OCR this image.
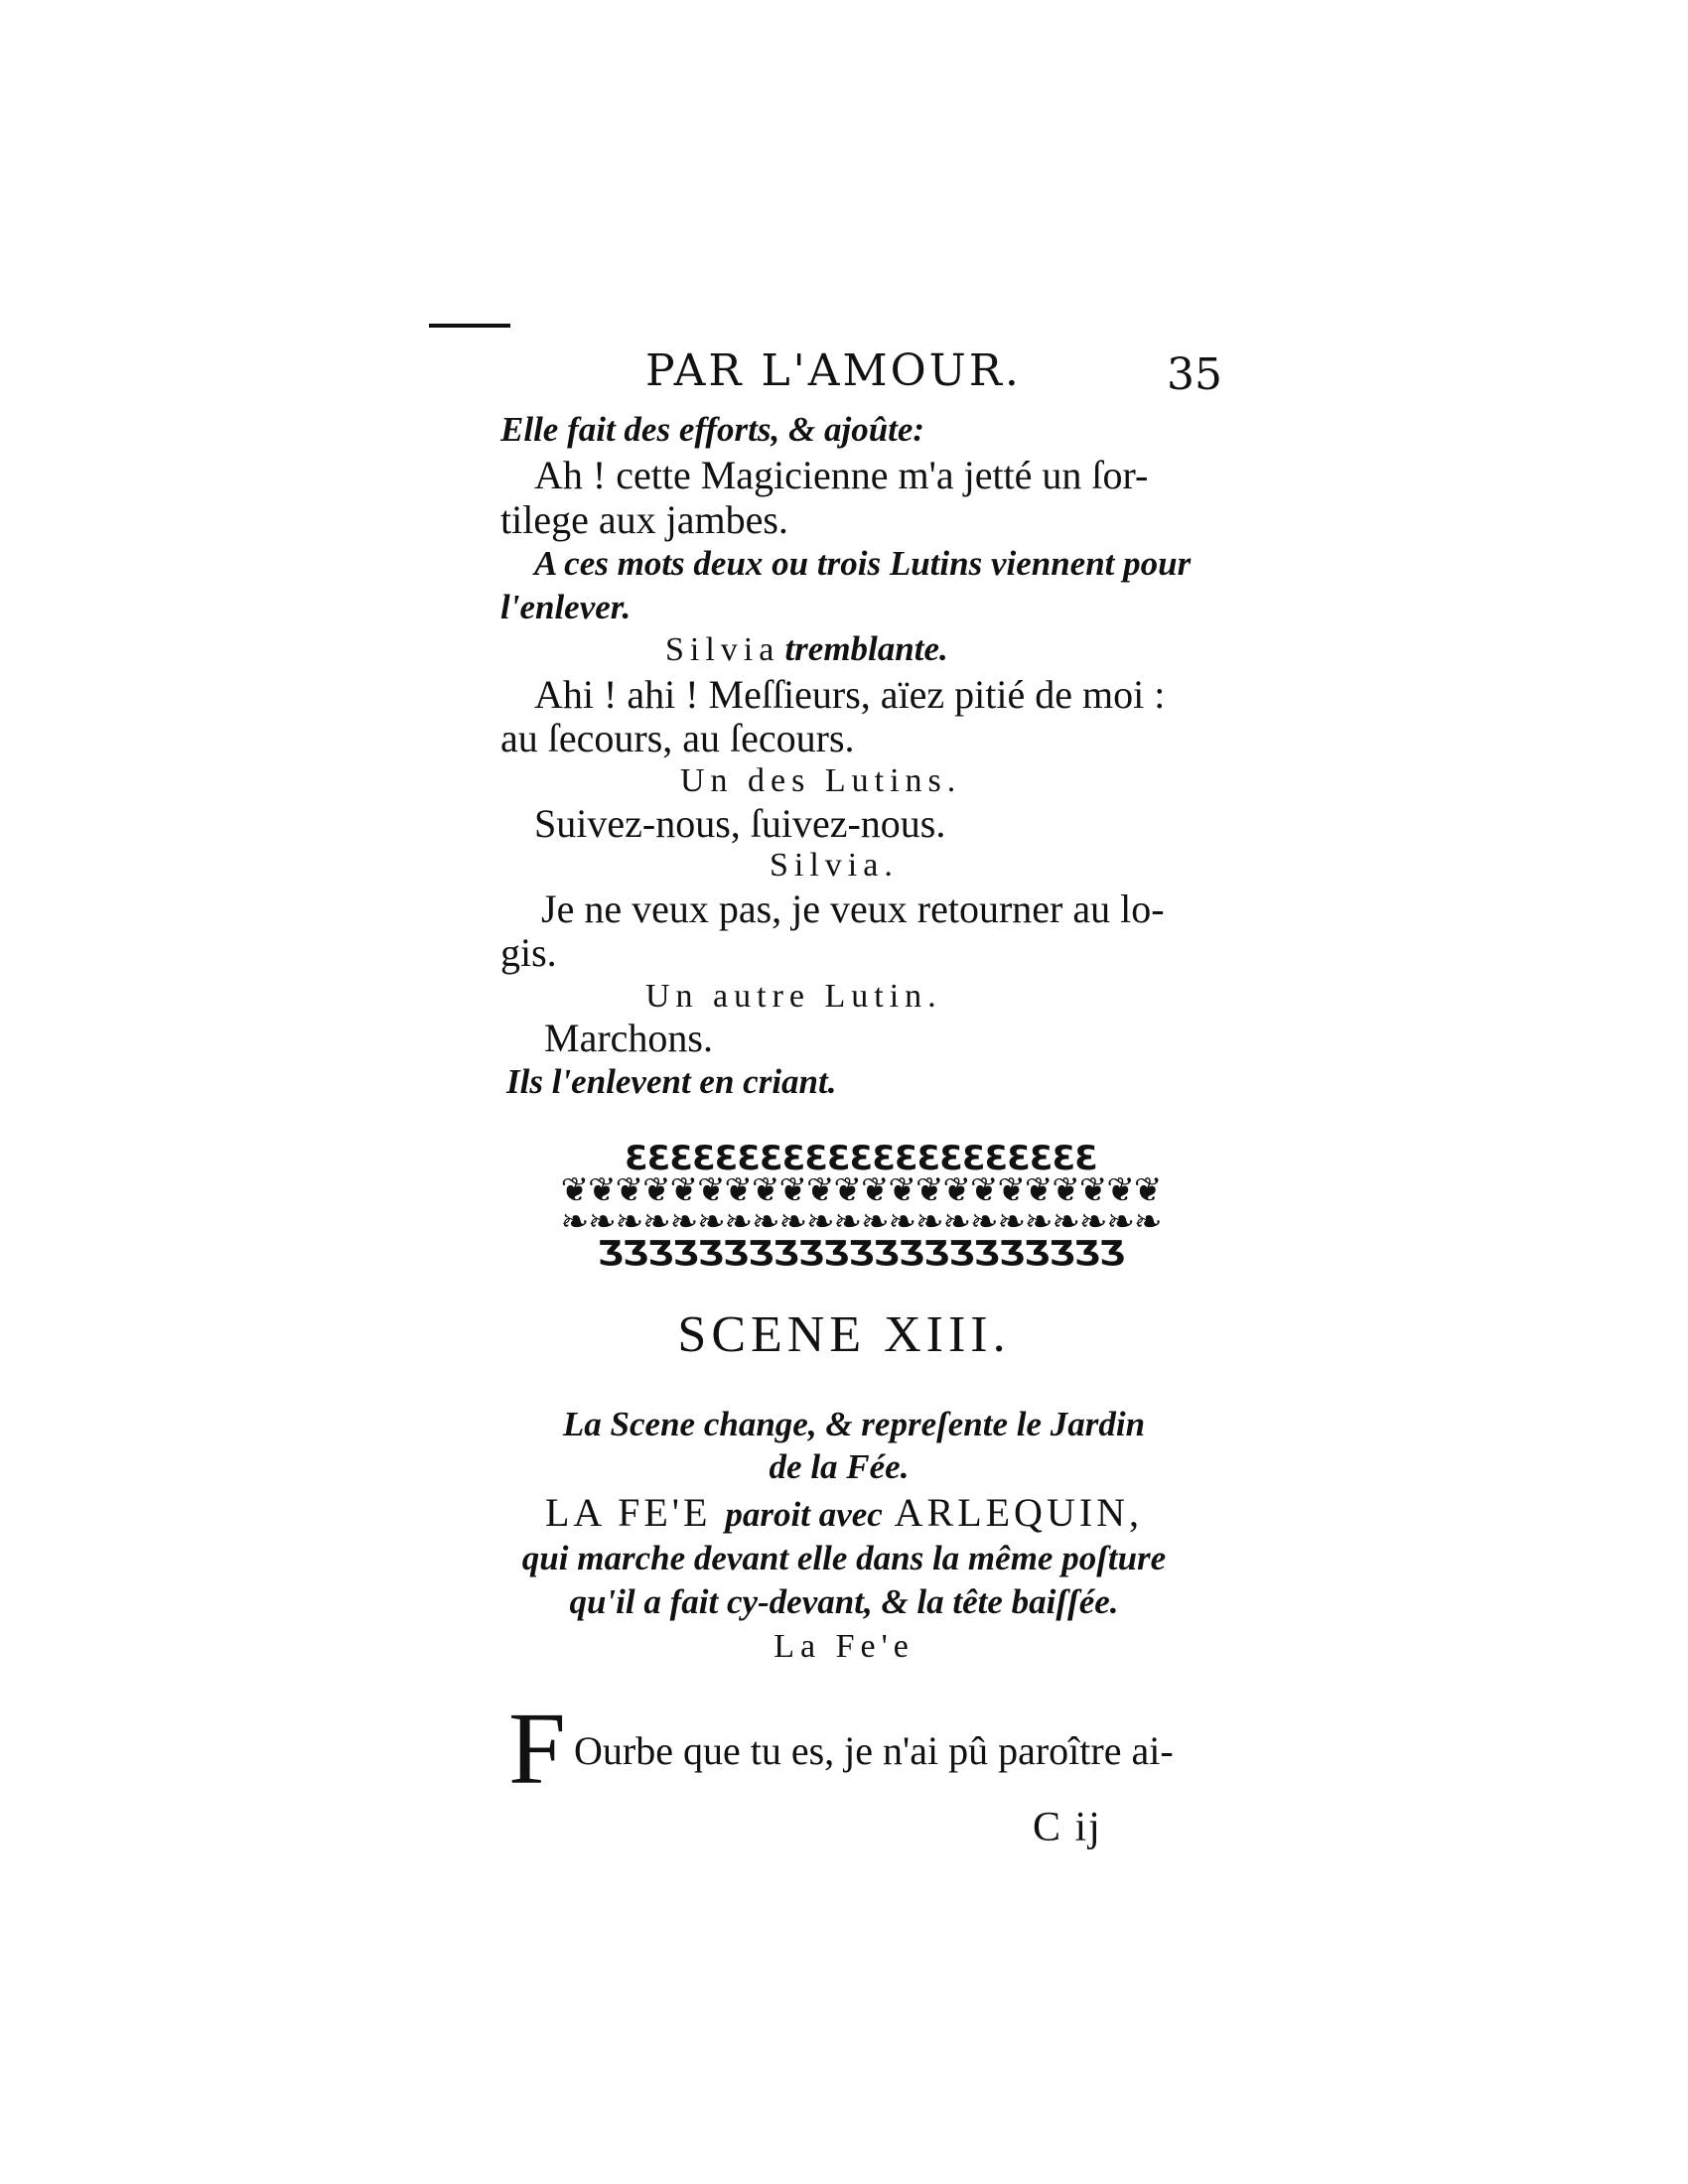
PAR L'AMOUR.	35
Elle fait des efforts, & ajoûte:
Ah ! cette Magicienne m'a jetté un ſor-
tilege aux jambes.
A ces mots deux ou trois Lutins viennent pour
l'enlever.
Silvia tremblante.
Ahi ! ahi ! Meſſieurs, aïez pitié de moi :
au ſecours, au ſecours.
Un des Lutins.
Suivez-nous, ſuivez-nous.
Silvia.
Je ne veux pas, je veux retourner au lo-
gis.
Un autre Lutin.
Marchons.
Ils l'enlevent en criant.
ƐƐƐƐƐƐƐƐƐƐƐƐƐƐƐƐƐƐƐƐƐ
❦❦❦❦❦❦❦❦❦❦❦❦❦❦❦❦❦❦❦❦❦❦
❧❧❧❧❧❧❧❧❧❧❧❧❧❧❧❧❧❧❧❧❧❧
ƷƷƷƷƷƷƷƷƷƷƷƷƷƷƷƷƷƷƷƷƷ
SCENE XIII.
La Scene change, & repreſente le Jardin
de la Fée.
LA FE'E paroit avec ARLEQUIN,
qui marche devant elle dans la même poſture
qu'il a fait cy-devant, & la tête baiſſée.
La Fe'e
F Ourbe que tu es, je n'ai pû paroître ai-
C ij
